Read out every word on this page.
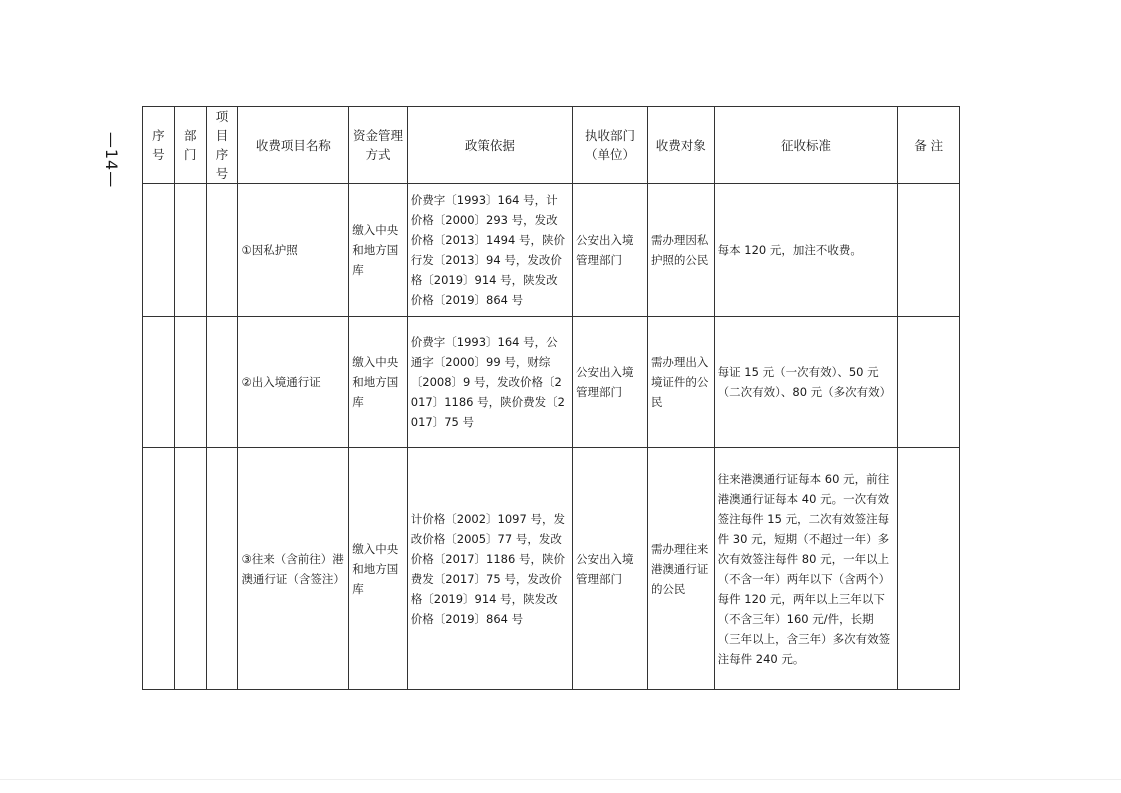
—14—	序号	部门	项目序号	收费项目名称	资金管理方式	政策依据	执收部门（单位）	收费对象	征收标准	备 注
			①因私护照	缴入中央和地方国库	价费字〔1993〕164 号，计价格〔2000〕293 号，发改价格〔2013〕1494 号，陕价行发〔2013〕94 号，发改价格〔2019〕914 号，陕发改价格〔2019〕864 号	公安出入境管理部门	需办理因私护照的公民	每本 120 元，加注不收费。	
			②出入境通行证	缴入中央和地方国库	价费字〔1993〕164 号，公通字〔2000〕99 号，财综〔2008〕9 号，发改价格〔2017〕1186 号，陕价费发〔2017〕75 号	公安出入境管理部门	需办理出入境证件的公民	每证 15 元（一次有效）、50 元（二次有效）、80 元（多次有效）	
			③往来（含前往）港澳通行证（含签注）	缴入中央和地方国库	计价格〔2002〕1097 号，发改价格〔2005〕77 号，发改价格〔2017〕1186 号，陕价费发〔2017〕75 号，发改价格〔2019〕914 号，陕发改价格〔2019〕864 号	公安出入境管理部门	需办理往来港澳通行证的公民	往来港澳通行证每本 60 元，前往港澳通行证每本 40 元。一次有效签注每件 15 元，二次有效签注每件 30 元，短期（不超过一年）多次有效签注每件 80 元，一年以上（不含一年）两年以下（含两个）每件 120 元，两年以上三年以下（不含三年）160 元/件，长期（三年以上，含三年）多次有效签注每件 240 元。	
